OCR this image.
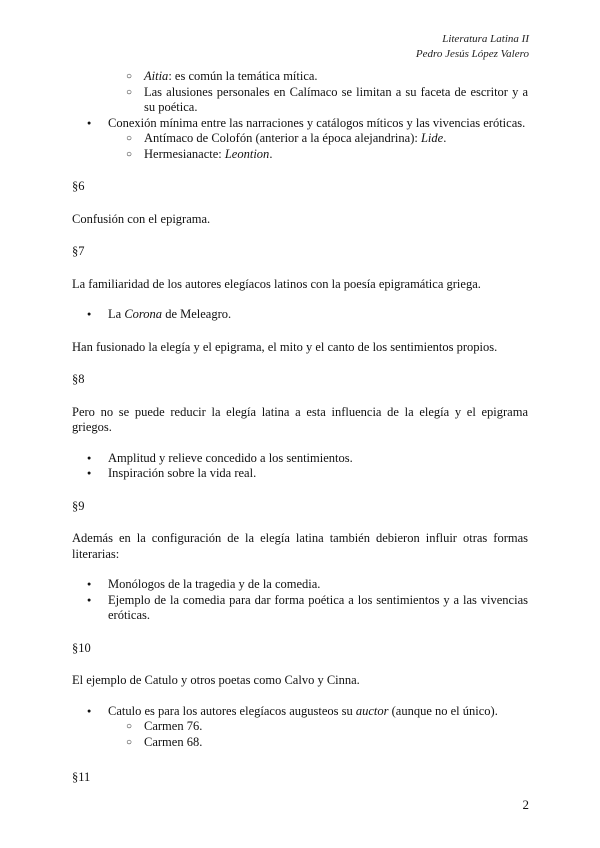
Literatura Latina II
Pedro Jesús López Valero
○ Aitia: es común la temática mítica.
○ Las alusiones personales en Calímaco se limitan a su faceta de escritor y a su poética.
● Conexión mínima entre las narraciones y catálogos míticos y las vivencias eróticas.
○ Antímaco de Colofón (anterior a la época alejandrina): Lide.
○ Hermesianacte: Leontion.

§6

Confusión con el epigrama.

§7

La familiaridad de los autores elegíacos latinos con la poesía epigramática griega.

● La Corona de Meleagro.

Han fusionado la elegía y el epigrama, el mito y el canto de los sentimientos propios.

§8

Pero no se puede reducir la elegía latina a esta influencia de la elegía y el epigrama griegos.

● Amplitud y relieve concedido a los sentimientos.
● Inspiración sobre la vida real.

§9

Además en la configuración de la elegía latina también debieron influir otras formas literarias:

● Monólogos de la tragedia y de la comedia.
● Ejemplo de la comedia para dar forma poética a los sentimientos y a las vivencias eróticas.

§10

El ejemplo de Catulo y otros poetas como Calvo y Cinna.

● Catulo es para los autores elegíacos augusteos su auctor (aunque no el único).
○ Carmen 76.
○ Carmen 68.

§11

2
